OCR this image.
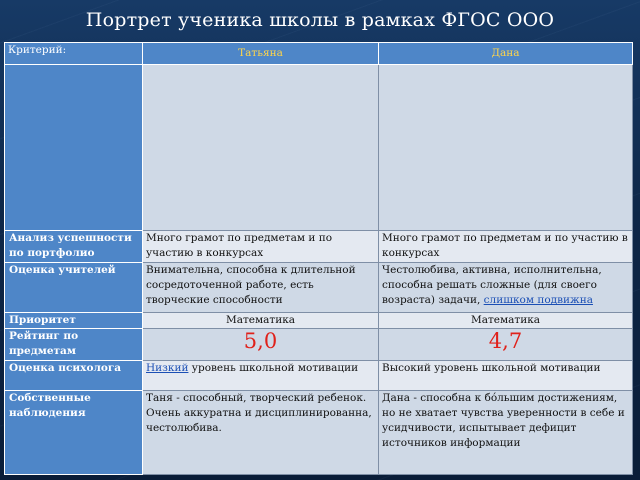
Портрет ученика школы в рамках ФГОС ООО
Критерий:	Татьяна	Дана

Анализ успешности по портфолио	Много грамот по предметам и по участию в конкурсах	Много грамот по предметам и по участию в конкурсах
Оценка учителей	Внимательна, способна к длительной сосредоточенной работе, есть творческие способности	Честолюбива, активна, исполнительна, способна решать сложные (для своего возраста) задачи, слишком подвижна
Приоритет	Математика	Математика
Рейтинг по предметам	5,0	4,7

Оценка психолога	Низкий уровень школьной мотивации	Высокий уровень школьной мотивации
Собственные наблюдения	Таня - способный, творческий ребенок. Очень аккуратна и дисциплинированна, честолюбива.	Дана - способна к бóльшим достижениям, но не хватает чувства уверенности в себе и усидчивости, испытывает дефицит источников информации
